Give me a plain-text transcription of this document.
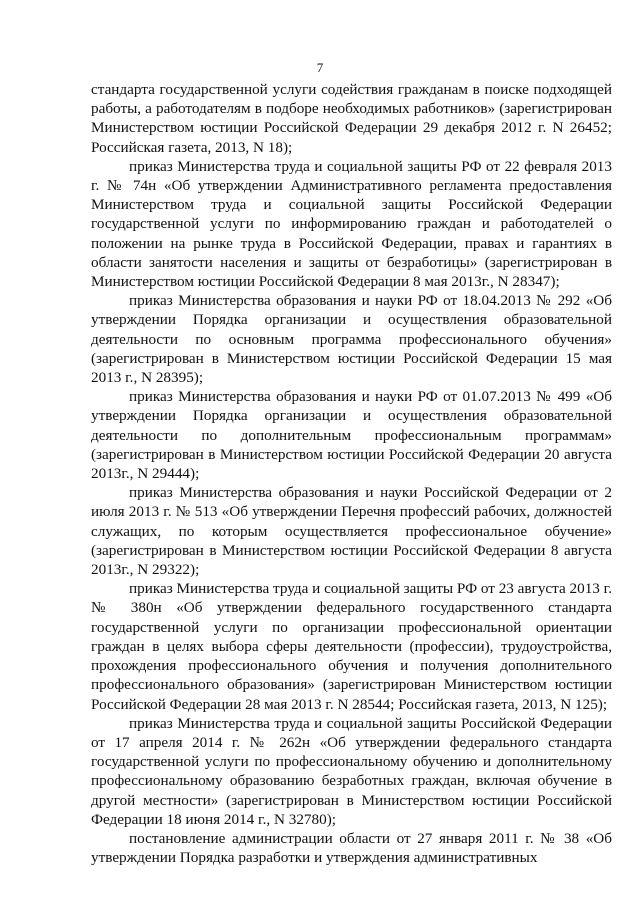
7

стандарта государственной услуги содействия гражданам в поиске подходящей работы, а работодателям в подборе необходимых работников» (зарегистрирован Министерством юстиции Российской Федерации 29 декабря 2012 г. N 26452; Российская газета, 2013, N 18);

приказ Министерства труда и социальной защиты РФ от 22 февраля 2013 г. № 74н «Об утверждении Административного регламента предоставления Министерством труда и социальной защиты Российской Федерации государственной услуги по информированию граждан и работодателей о положении на рынке труда в Российской Федерации, правах и гарантиях в области занятости населения и защиты от безработицы» (зарегистрирован в Министерством юстиции Российской Федерации 8 мая 2013г., N 28347);

приказ Министерства образования и науки РФ от 18.04.2013 № 292 «Об утверждении Порядка организации и осуществления образовательной деятельности по основным программа профессионального обучения» (зарегистрирован в Министерством юстиции Российской Федерации 15 мая 2013 г., N 28395);

приказ Министерства образования и науки РФ от 01.07.2013 № 499 «Об утверждении Порядка организации и осуществления образовательной деятельности по дополнительным профессиональным программам» (зарегистрирован в Министерством юстиции Российской Федерации 20 августа 2013г., N 29444);

приказ Министерства образования и науки Российской Федерации от 2 июля 2013 г. № 513 «Об утверждении Перечня профессий рабочих, должностей служащих, по которым осуществляется профессиональное обучение» (зарегистрирован в Министерством юстиции Российской Федерации 8 августа 2013г., N 29322);

приказ Министерства труда и социальной защиты РФ от 23 августа 2013 г. № 380н «Об утверждении федерального государственного стандарта государственной услуги по организации профессиональной ориентации граждан в целях выбора сферы деятельности (профессии), трудоустройства, прохождения профессионального обучения и получения дополнительного профессионального образования» (зарегистрирован Министерством юстиции Российской Федерации 28 мая 2013 г. N 28544; Российская газета, 2013, N 125);

приказ Министерства труда и социальной защиты Российской Федерации от 17 апреля 2014 г. № 262н «Об утверждении федерального стандарта государственной услуги по профессиональному обучению и дополнительному профессиональному образованию безработных граждан, включая обучение в другой местности» (зарегистрирован в Министерством юстиции Российской Федерации 18 июня 2014 г., N 32780);

постановление администрации области от 27 января 2011 г. № 38 «Об утверждении Порядка разработки и утверждения административных
